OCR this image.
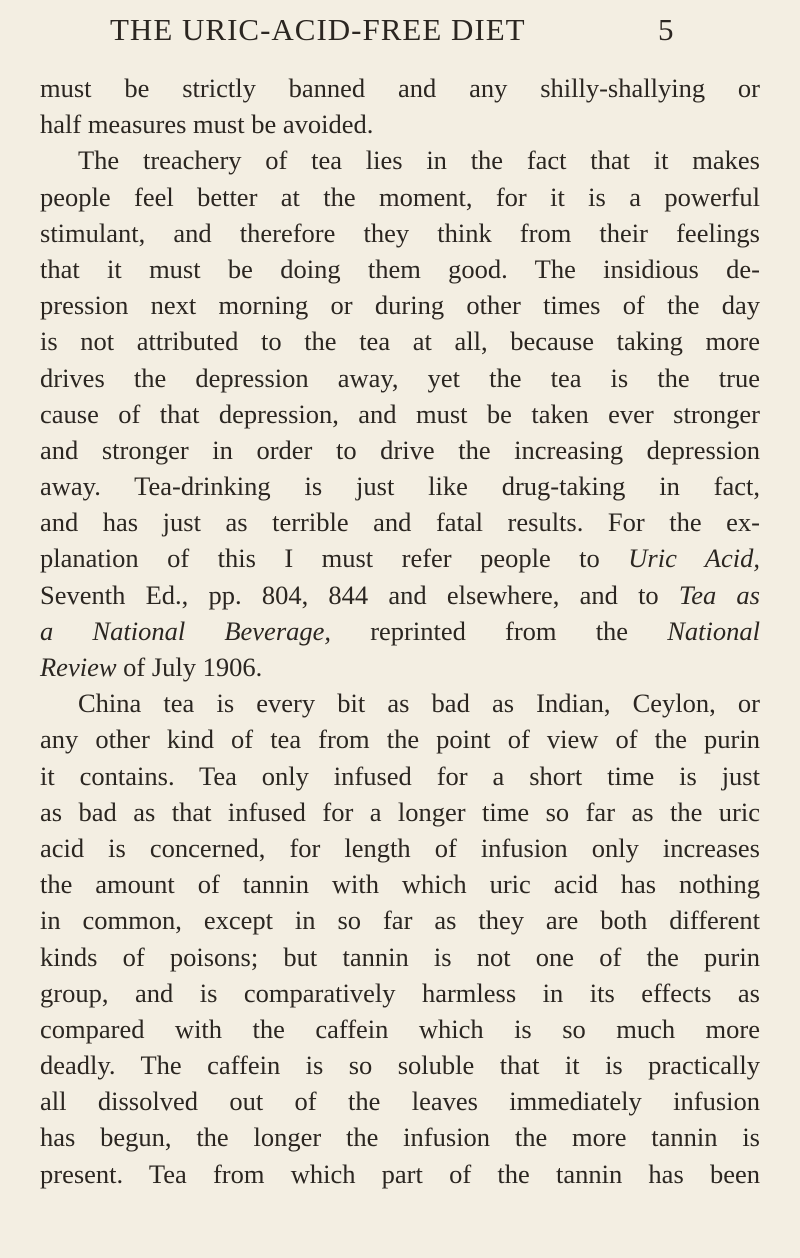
THE URIC-ACID-FREE DIET	5
must be strictly banned and any shilly-shallying or
half measures must be avoided.
The treachery of tea lies in the fact that it makes
people feel better at the moment, for it is a powerful
stimulant, and therefore they think from their feelings
that it must be doing them good. The insidious de-
pression next morning or during other times of the day
is not attributed to the tea at all, because taking more
drives the depression away, yet the tea is the true
cause of that depression, and must be taken ever stronger
and stronger in order to drive the increasing depression
away. Tea-drinking is just like drug-taking in fact,
and has just as terrible and fatal results. For the ex-
planation of this I must refer people to Uric Acid,
Seventh Ed., pp. 804, 844 and elsewhere, and to Tea as
a National Beverage, reprinted from the National
Review of July 1906.
China tea is every bit as bad as Indian, Ceylon, or
any other kind of tea from the point of view of the purin
it contains. Tea only infused for a short time is just
as bad as that infused for a longer time so far as the uric
acid is concerned, for length of infusion only increases
the amount of tannin with which uric acid has nothing
in common, except in so far as they are both different
kinds of poisons; but tannin is not one of the purin
group, and is comparatively harmless in its effects as
compared with the caffein which is so much more
deadly. The caffein is so soluble that it is practically
all dissolved out of the leaves immediately infusion
has begun, the longer the infusion the more tannin is
present. Tea from which part of the tannin has been
